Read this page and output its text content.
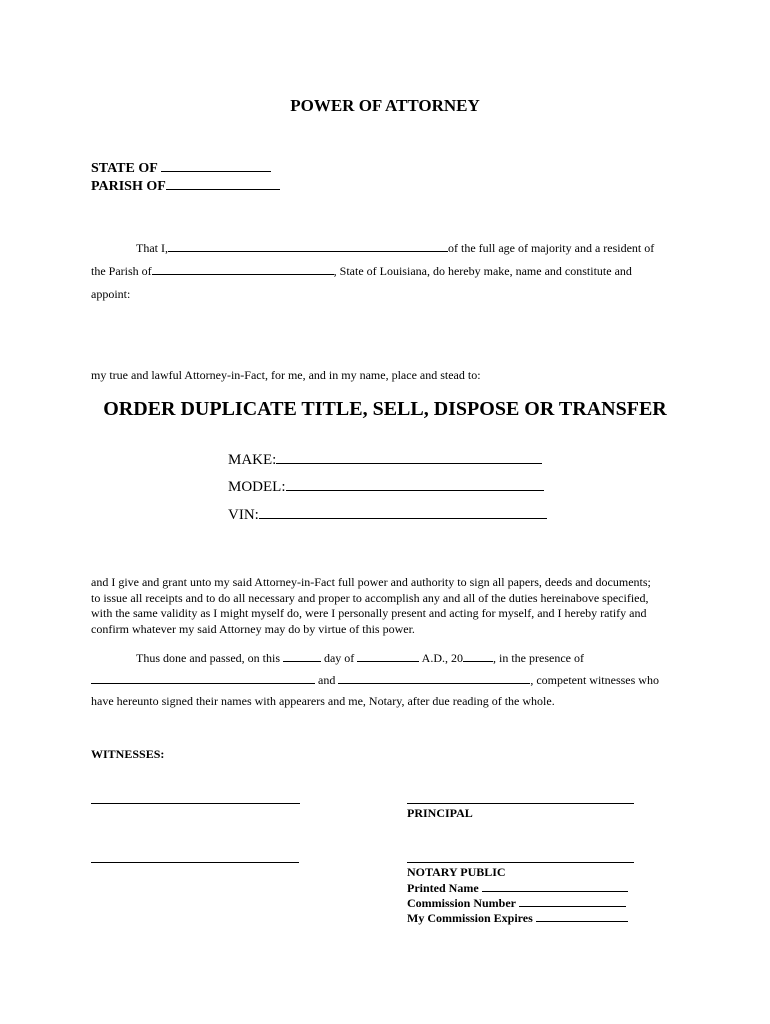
POWER OF ATTORNEY
STATE OF
PARISH OF
That I,	of the full age of majority and a resident of
the Parish of	, State of Louisiana, do hereby make, name and constitute and
appoint:
my true and lawful Attorney-in-Fact, for me, and in my name, place and stead to:
ORDER DUPLICATE TITLE, SELL, DISPOSE OR TRANSFER
MAKE:
MODEL:
VIN:
and I give and grant unto my said Attorney-in-Fact full power and authority to sign all papers, deeds and documents;
to issue all receipts and to do all necessary and proper to accomplish any and all of the duties hereinabove specified,
with the same validity as I might myself do, were I personally present and acting for myself, and I hereby ratify and
confirm whatever my said Attorney may do by virtue of this power.
Thus done and passed, on this	day of	A.D., 20	, in the presence of
and	, competent witnesses who
have hereunto signed their names with appearers and me, Notary, after due reading of the whole.
WITNESSES:
PRINCIPAL
NOTARY PUBLIC
Printed Name
Commission Number
My Commission Expires
